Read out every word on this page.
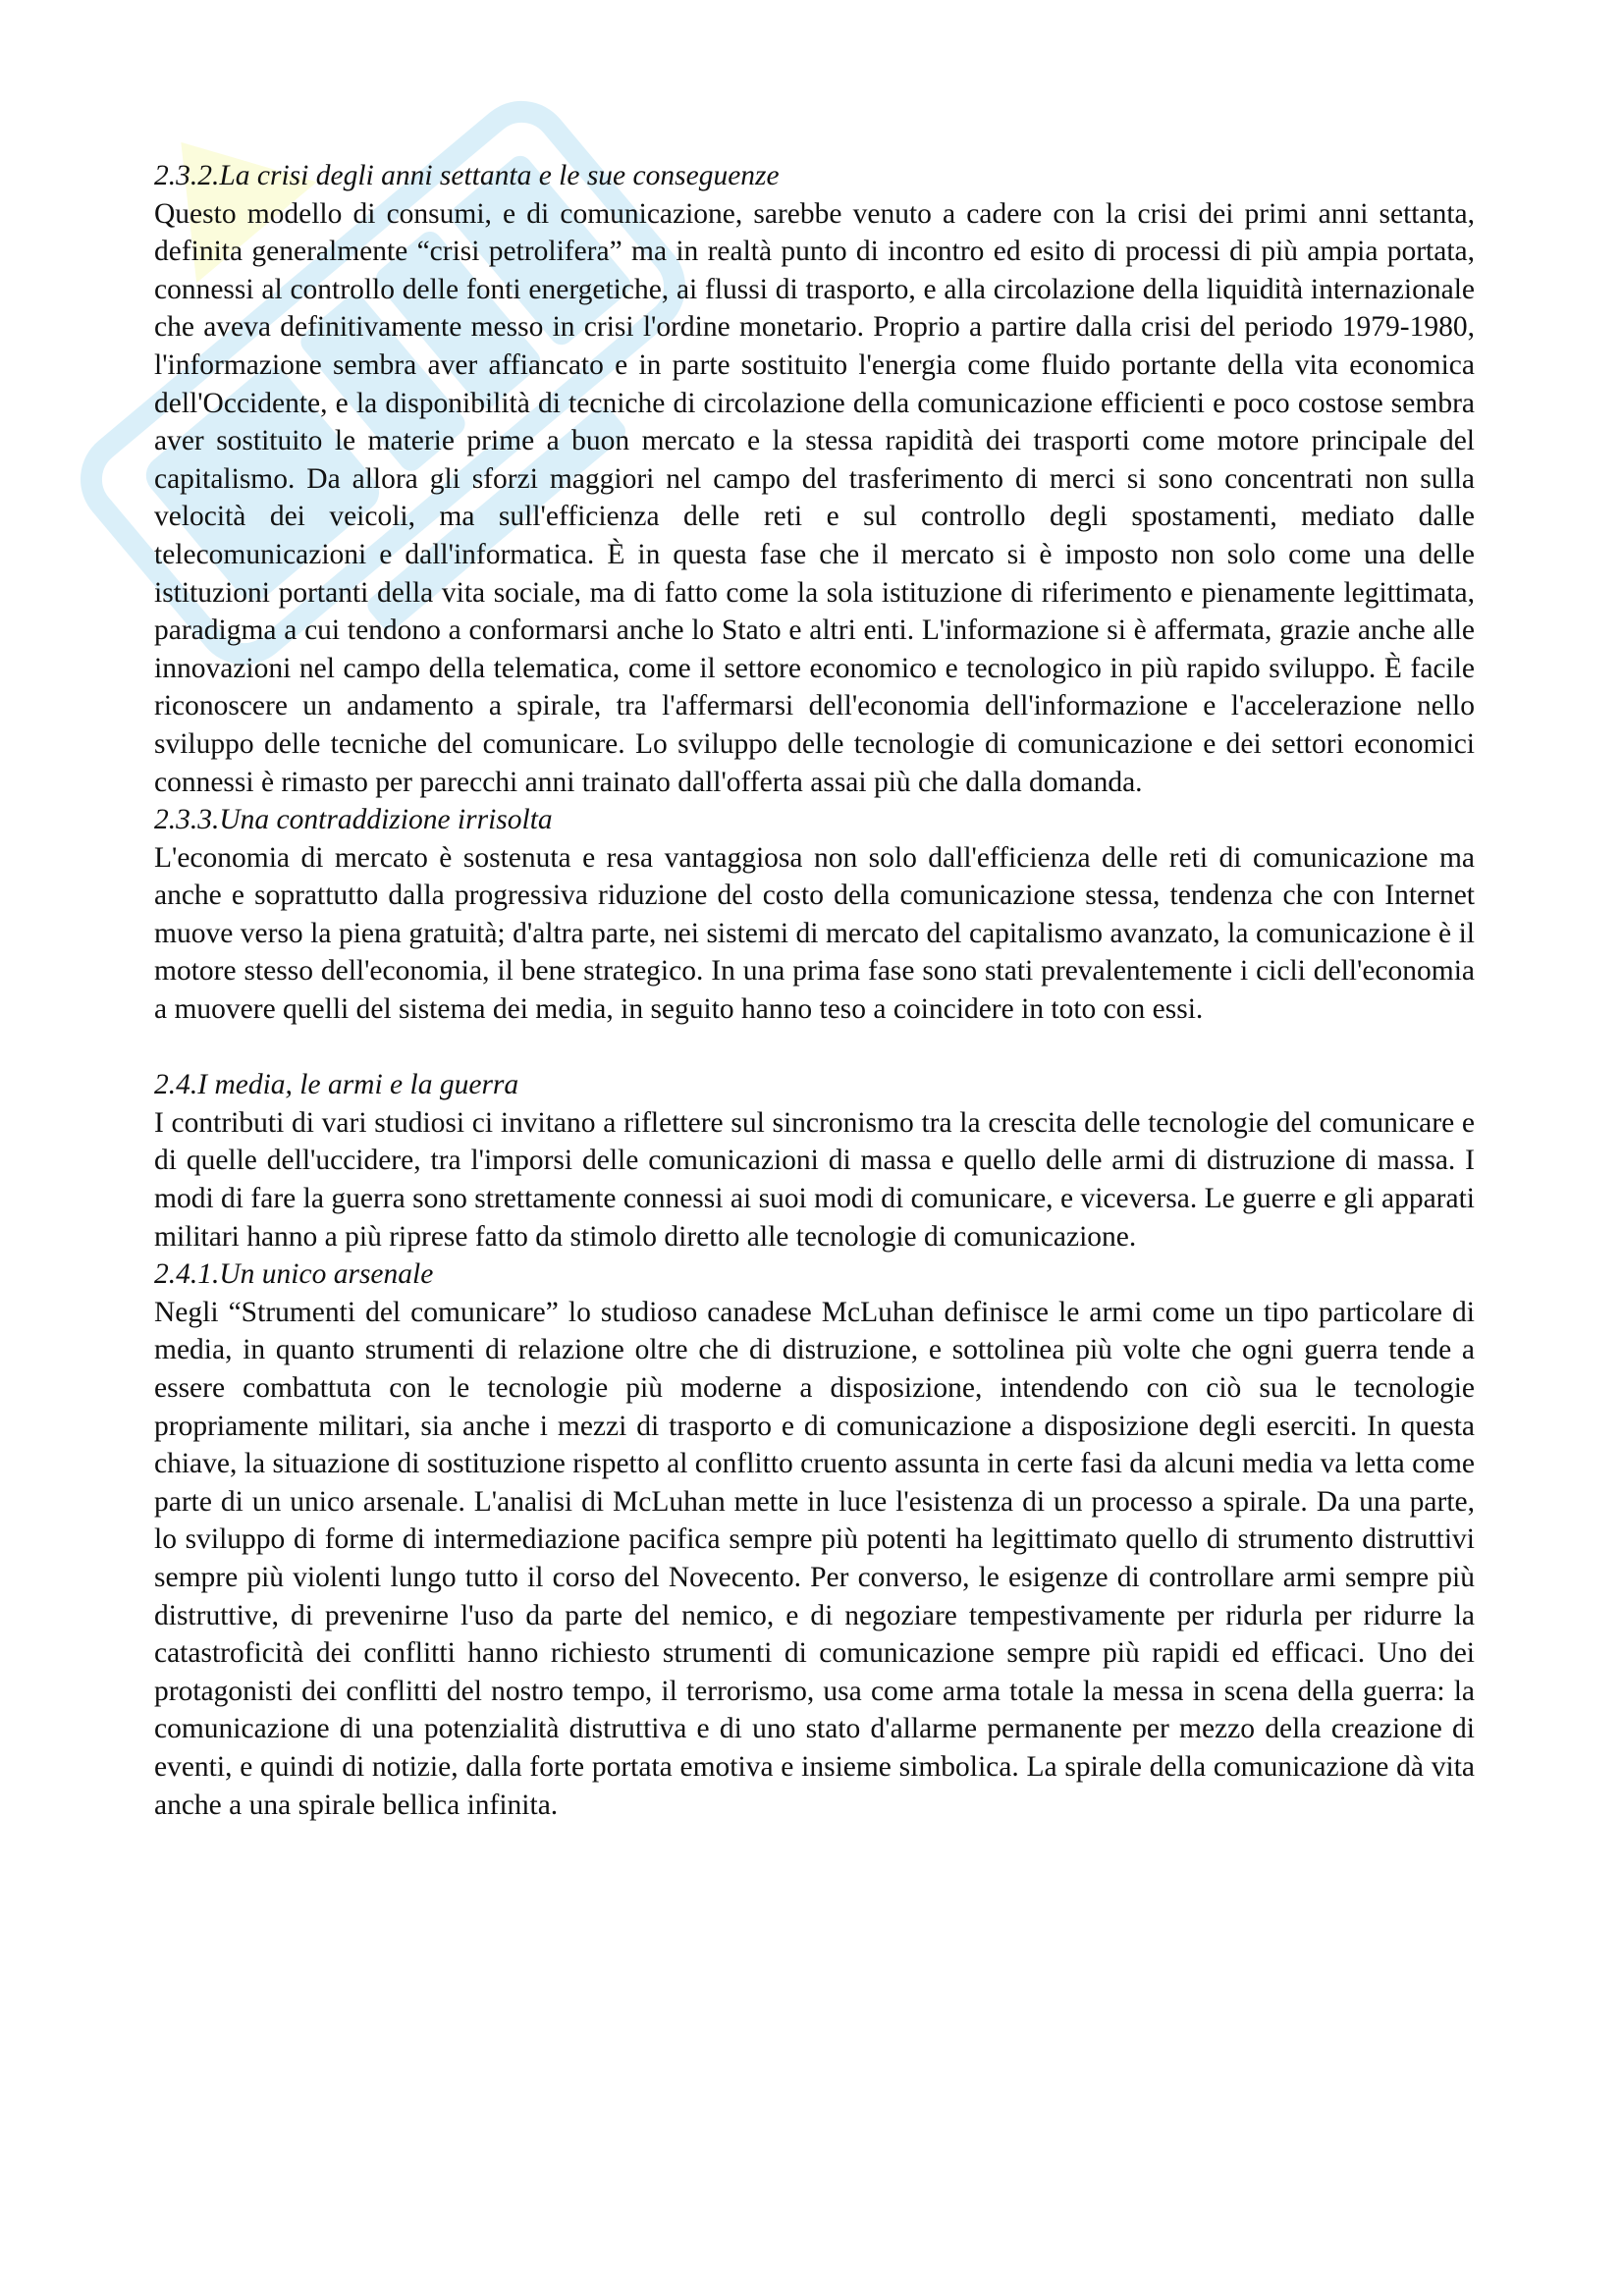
2.3.2.La crisi degli anni settanta e le sue conseguenze

Questo modello di consumi, e di comunicazione, sarebbe venuto a cadere con la crisi dei primi anni settanta, definita generalmente “crisi petrolifera” ma in realtà punto di incontro ed esito di processi di più ampia portata, connessi al controllo delle fonti energetiche, ai flussi di trasporto, e alla circolazione della liquidità internazionale che aveva definitivamente messo in crisi l'ordine monetario. Proprio a partire dalla crisi del periodo 1979-1980, l'informazione sembra aver affiancato e in parte sostituito l'energia come fluido portante della vita economica dell'Occidente, e la disponibilità di tecniche di circolazione della comunicazione efficienti e poco costose sembra aver sostituito le materie prime a buon mercato e la stessa rapidità dei trasporti come motore principale del capitalismo. Da allora gli sforzi maggiori nel campo del trasferimento di merci si sono concentrati non sulla velocità dei veicoli, ma sull'efficienza delle reti e sul controllo degli spostamenti, mediato dalle telecomunicazioni e dall'informatica. È in questa fase che il mercato si è imposto non solo come una delle istituzioni portanti della vita sociale, ma di fatto come la sola istituzione di riferimento e pienamente legittimata, paradigma a cui tendono a conformarsi anche lo Stato e altri enti. L'informazione si è affermata, grazie anche alle innovazioni nel campo della telematica, come il settore economico e tecnologico in più rapido sviluppo. È facile riconoscere un andamento a spirale, tra l'affermarsi dell'economia dell'informazione e l'accelerazione nello sviluppo delle tecniche del comunicare. Lo sviluppo delle tecnologie di comunicazione e dei settori economici connessi è rimasto per parecchi anni trainato dall'offerta assai più che dalla domanda.

2.3.3.Una contraddizione irrisolta

L'economia di mercato è sostenuta e resa vantaggiosa non solo dall'efficienza delle reti di comunicazione ma anche e soprattutto dalla progressiva riduzione del costo della comunicazione stessa, tendenza che con Internet muove verso la piena gratuità; d'altra parte, nei sistemi di mercato del capitalismo avanzato, la comunicazione è il motore stesso dell'economia, il bene strategico. In una prima fase sono stati prevalentemente i cicli dell'economia a muovere quelli del sistema dei media, in seguito hanno teso a coincidere in toto con essi.

2.4.I media, le armi e la guerra

I contributi di vari studiosi ci invitano a riflettere sul sincronismo tra la crescita delle tecnologie del comunicare e di quelle dell'uccidere, tra l'imporsi delle comunicazioni di massa e quello delle armi di distruzione di massa. I modi di fare la guerra sono strettamente connessi ai suoi modi di comunicare, e viceversa. Le guerre e gli apparati militari hanno a più riprese fatto da stimolo diretto alle tecnologie di comunicazione.

2.4.1.Un unico arsenale

Negli “Strumenti del comunicare” lo studioso canadese McLuhan definisce le armi come un tipo particolare di media, in quanto strumenti di relazione oltre che di distruzione, e sottolinea più volte che ogni guerra tende a essere combattuta con le tecnologie più moderne a disposizione, intendendo con ciò sua le tecnologie propriamente militari, sia anche i mezzi di trasporto e di comunicazione a disposizione degli eserciti. In questa chiave, la situazione di sostituzione rispetto al conflitto cruento assunta in certe fasi da alcuni media va letta come parte di un unico arsenale. L'analisi di McLuhan mette in luce l'esistenza di un processo a spirale. Da una parte, lo sviluppo di forme di intermediazione pacifica sempre più potenti ha legittimato quello di strumento distruttivi sempre più violenti lungo tutto il corso del Novecento. Per converso, le esigenze di controllare armi sempre più distruttive, di prevenirne l'uso da parte del nemico, e di negoziare tempestivamente per ridurla per ridurre la catastroficità dei conflitti hanno richiesto strumenti di comunicazione sempre più rapidi ed efficaci. Uno dei protagonisti dei conflitti del nostro tempo, il terrorismo, usa come arma totale la messa in scena della guerra: la comunicazione di una potenzialità distruttiva e di uno stato d'allarme permanente per mezzo della creazione di eventi, e quindi di notizie, dalla forte portata emotiva e insieme simbolica. La spirale della comunicazione dà vita anche a una spirale bellica infinita.
